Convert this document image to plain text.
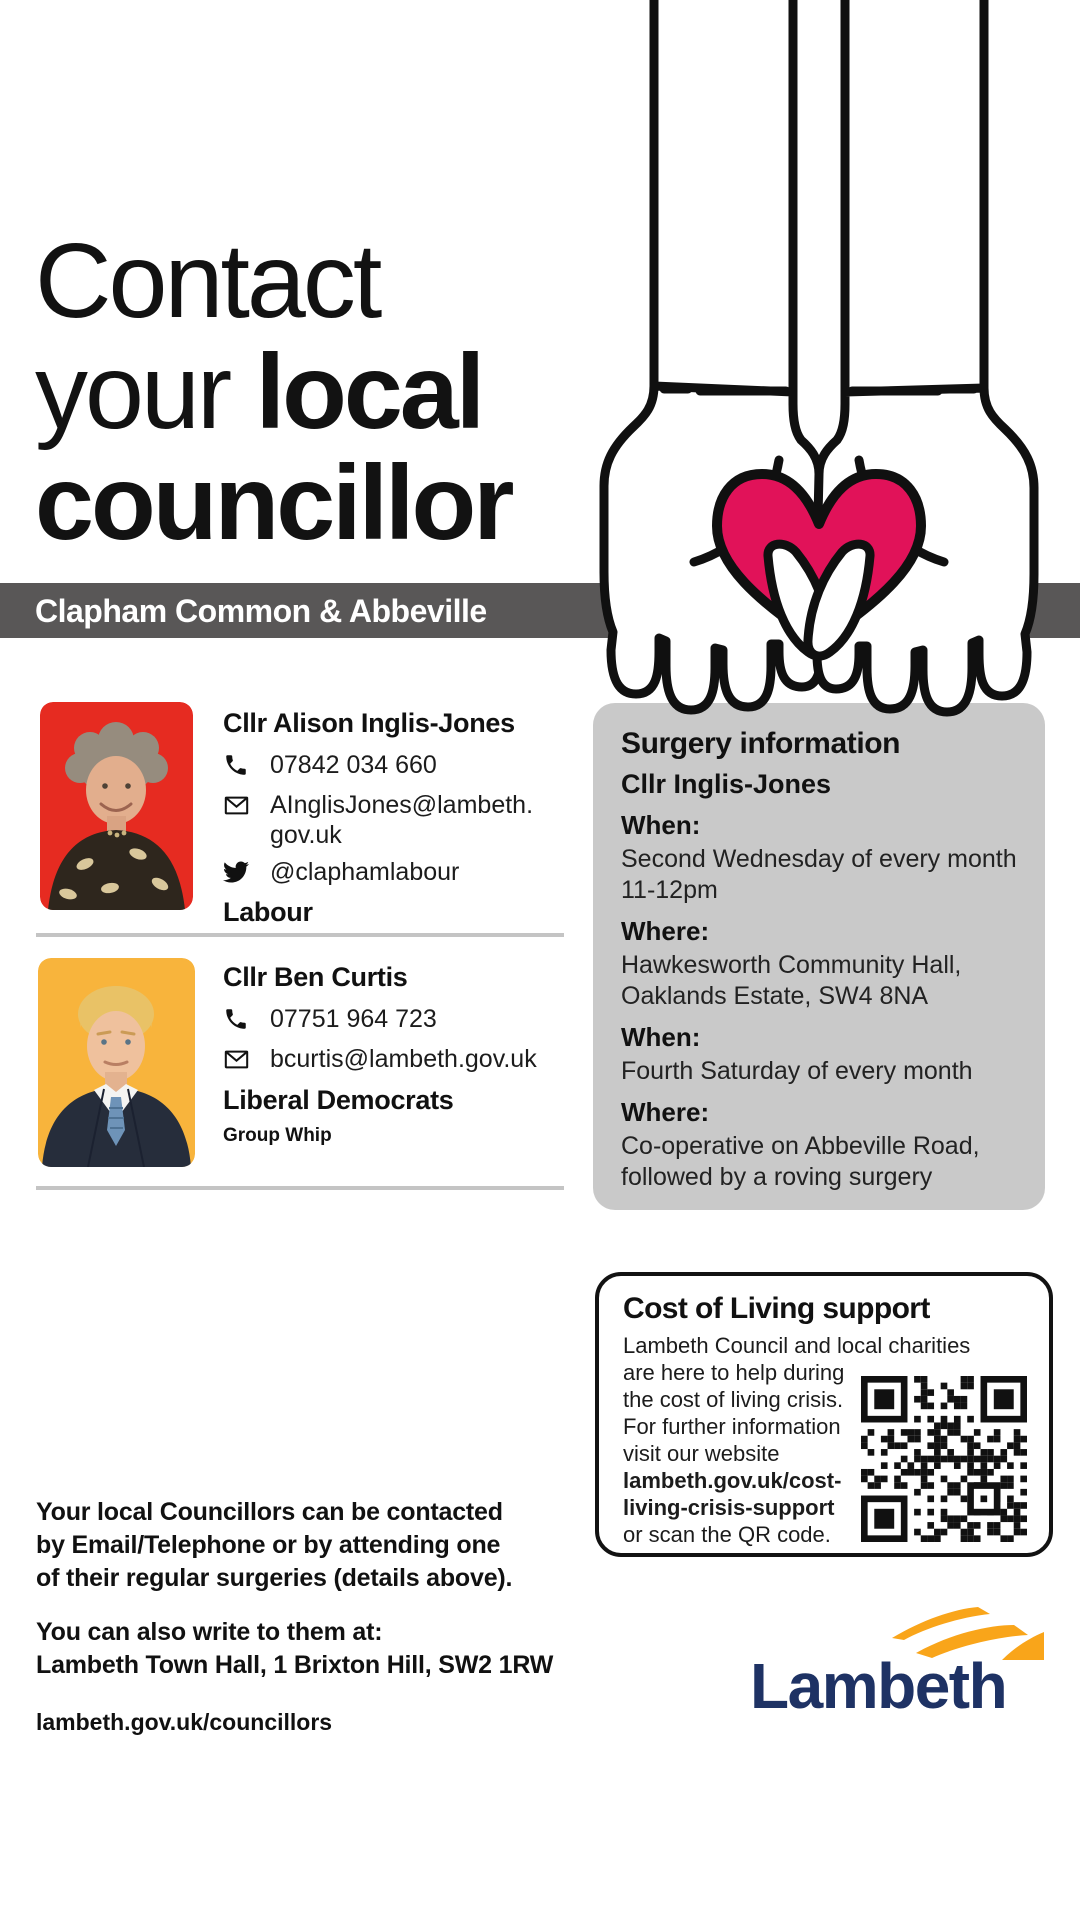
Contact
your local
councillor
Clapham Common & Abbeville
Cllr Alison Inglis-Jones
07842 034 660
AInglisJones@lambeth.
gov.uk
@claphamlabour
Labour
Cllr Ben Curtis
07751 964 723
bcurtis@lambeth.gov.uk
Liberal Democrats
Group Whip
Surgery information
Cllr Inglis-Jones
When:
Second Wednesday of every month 11-12pm
Where:
Hawkesworth Community Hall, Oaklands Estate, SW4 8NA
When:
Fourth Saturday of every month
Where:
Co-operative on Abbeville Road, followed by a roving surgery
Cost of Living support
Lambeth Council and local charities
are here to help during
the cost of living crisis.
For further information
visit our website
lambeth.gov.uk/cost-
living-crisis-support
or scan the QR code.
Your local Councillors can be contacted
by Email/Telephone or by attending one
of their regular surgeries (details above).
You can also write to them at:
Lambeth Town Hall, 1 Brixton Hill, SW2 1RW
lambeth.gov.uk/councillors	Lambeth
